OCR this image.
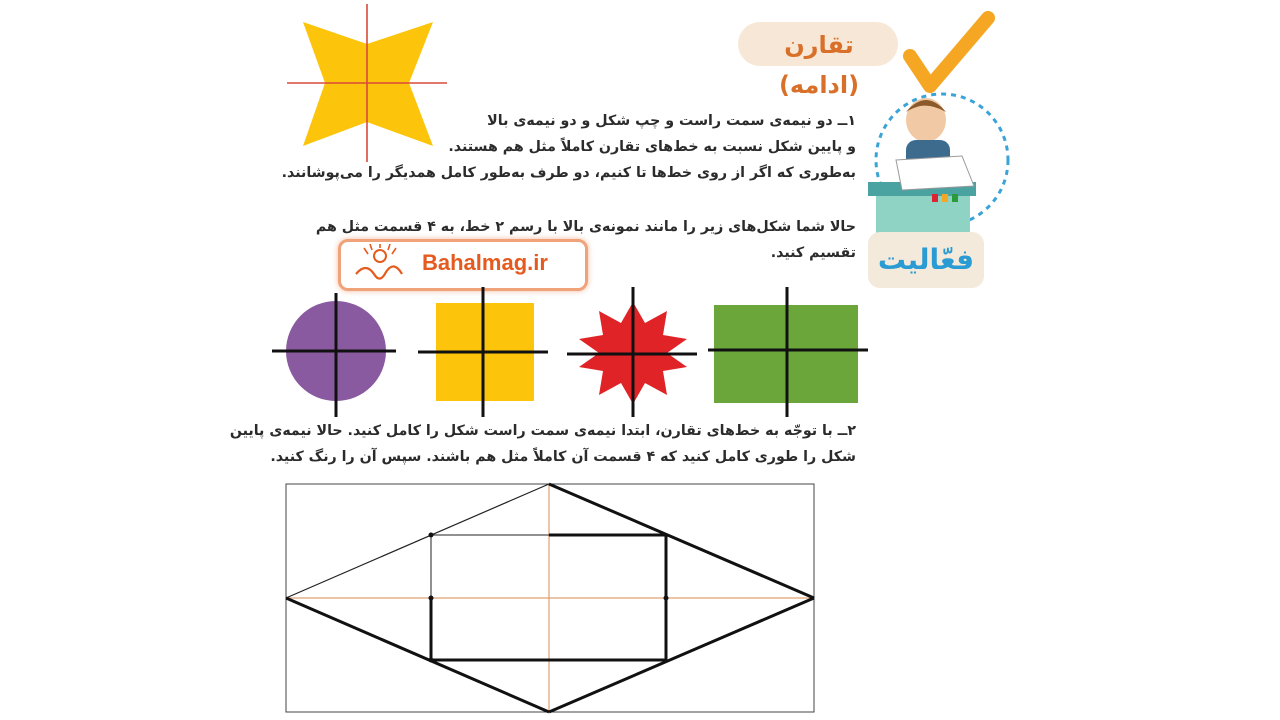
تقارن (ادامه)
فعّالیت
۱ــ دو نیمه‌ی سمت راست و چپ شکل و دو نیمه‌ی بالا
و پایین شکل نسبت به خط‌های تقارن کاملاً مثل هم هستند.
به‌طوری که اگر از روی خط‌ها تا کنیم، دو طرف به‌طور کامل همدیگر را می‌پوشانند.
حالا شما شکل‌های زیر را مانند نمونه‌ی بالا با رسم ۲ خط، به ۴ قسمت مثل هم تقسیم کنید.
Bahalmag.ir
۲ــ با توجّه به خط‌های تقارن، ابتدا نیمه‌ی سمت راست شکل را کامل کنید. حالا نیمه‌ی پایین
شکل را طوری کامل کنید که ۴ قسمت آن کاملاً مثل هم باشند. سپس آن را رنگ کنید.
